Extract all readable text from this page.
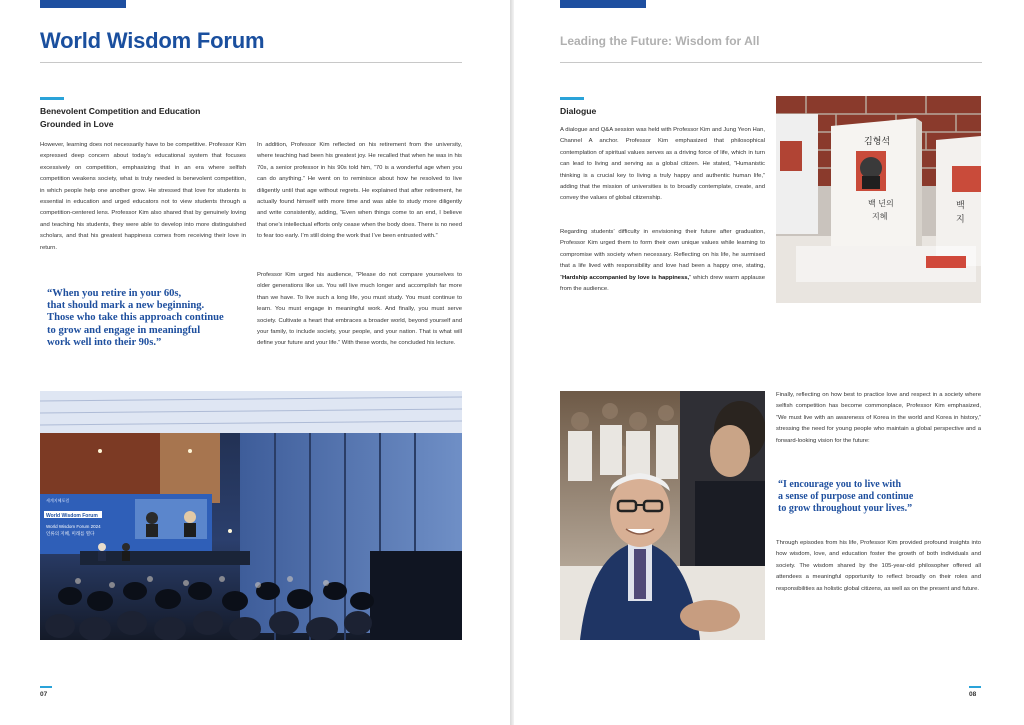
World Wisdom Forum
Benevolent Competition and Education
Grounded in Love

However, learning does not necessarily have to be competitive. Professor Kim expressed deep concern about today’s educational system that focuses excessively on competition, emphasizing that in an era where selfish competition weakens society, what is truly needed is benevolent competition, in which people help one another grow. He stressed that love for students is essential in education and urged educators not to view students through a competition-centered lens. Professor Kim also shared that by genuinely loving and teaching his students, they were able to develop into more distinguished scholars, and that his greatest happiness comes from receiving their love in return.

“When you retire in your 60s,
that should mark a new beginning.
Those who take this approach continue
to grow and engage in meaningful
work well into their 90s.”

In addition, Professor Kim reflected on his retirement from the university, where teaching had been his greatest joy. He recalled that when he was in his 70s, a senior professor in his 90s told him, “70 is a wonderful age when you can do anything.” He went on to reminisce about how he resolved to live diligently until that age without regrets. He explained that after retirement, he actually found himself with more time and was able to study more diligently and write consistently, adding, “Even when things come to an end, I believe that one’s intellectual efforts only cease when the body does. There is no need to fear too early. I’m still doing the work that I’ve been entrusted with.”

Professor Kim urged his audience, “Please do not compare yourselves to older generations like us. You will live much longer and accomplish far more than we have. To live such a long life, you must study. You must continue to learn. You must engage in meaningful work. And finally, you must serve society. Cultivate a heart that embraces a broader world, beyond yourself and your family, to include society, your people, and your nation. That is what will define your future and your life.” With these words, he concluded his lecture.

세계지혜포럼
World Wisdom Forum
World Wisdom Forum 2024
인류의 지혜, 미래를 열다

07

Leading the Future: Wisdom for All
Dialogue

A dialogue and Q&A session was held with Professor Kim and Jung Yeon Han, Channel A anchor. Professor Kim emphasized that philosophical contemplation of spiritual values serves as a driving force of life, which in turn can lead to living and serving as a global citizen. He stated, “Humanistic thinking is a crucial key to living a truly happy and authentic human life,” adding that the mission of universities is to broadly contemplate, create, and convey the values of global citizenship.

Regarding students’ difficulty in envisioning their future after graduation, Professor Kim urged them to form their own unique values while learning to compromise with society when necessary. Reflecting on his life, he surmised that a life lived with responsibility and love had been a happy one, stating, “Hardship accompanied by love is happiness,” which drew warm applause from the audience.

김형석
백 년의
지혜
백
지

Finally, reflecting on how best to practice love and respect in a society where selfish competition has become commonplace, Professor Kim emphasized, “We must live with an awareness of Korea in the world and Korea in history,” stressing the need for young people who maintain a global perspective and a forward-looking vision for the future:

“I encourage you to live with
a sense of purpose and continue
to grow throughout your lives.”

Through episodes from his life, Professor Kim provided profound insights into how wisdom, love, and education foster the growth of both individuals and society. The wisdom shared by the 105-year-old philosopher offered all attendees a meaningful opportunity to reflect broadly on their roles and responsibilities as holistic global citizens, as well as on the present and future.

08
